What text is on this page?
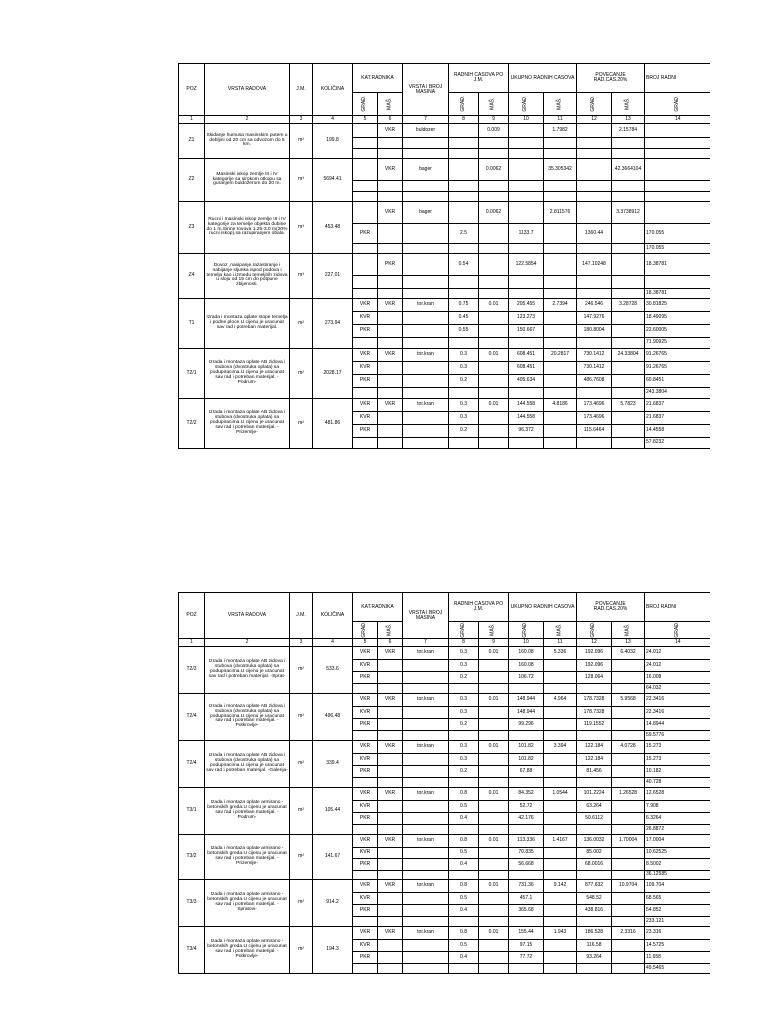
POZ	VRSTA RADOVA	J.M.	KOLIČINA	KAT.RADNIKA		VRSTA I BROJ MASINA	RADNIH CASOVA PO J.M.		UKUPNO RADNIH CASOVA		POVECANJE RAD.CAS.20%		BROJ RADNI
				GRAĐ.	MAŠ.		GRAĐ.	MAŠ.	GRAĐ.	MAŠ.	GRAĐ.	MAŠ.	GRAĐ.
1	2	3	4	5	6	7	8	9	10	11	12	13	14
Z1	Skidanje humusa masinskim putem u debljini od 20 cm sa odvozom do 5 km.	m²	199.8		VKR	buldozer		0.009		1.7982		2.15784	

Z2	Masinski iskop zemlje III i IV kategorije sa sirokom otkopu sa guranjem buldožerom do 20 m.	m³	5694.41		VKR	bager		0.0062		35.305342		42.3664104	

Z3	Rucni i masinski iskop zemlje III i IV kategorije za temelje objekta dubine do 1 m.Sirine rovova 1.25-3.0 m(20% rucni iskop),sa razupiranjem obala.	m³	453.48		VKR	bager		0.0062		2.811576		3.3738912	
				PKR			2.5		1133.7		1360.44		170.055
													170.055
Z4	Dovoz ,nasipanje,razastiranje i nabijanje sljunka ispod podova i temelja kao i izmedu temeljnih zidova u sloju od 15 cm do potpune zbijenosti.	m³	227.01		PKR		0.54		122.5854		147.10248		18.38781

													18.38781
T1	Izrada i montaza oplate stope temelja i podne ploce.U cijenu je uracunat sav rad i potreban materijal.	m²	273.94	VKR	VKR	tor.kran	0.75	0.01	205.455	2.7394	246.546	3.28728	30.81825
				KVR			0.45		123.273		147.9276		18.49095
				PKR			0.55		150.667		180.8004		22.60005
													71.90925
T2/1	Izrada i montaza oplate AB zidova i stubova (dvostruka oplata) sa podupiracima.U cijenu je uracunat sav rad i potreban materijal. -Podrum-	m²	2028.17	VKR	VKR	tor.kran	0.3	0.01	608.451	20.2817	730.1412	24.33804	91.26765
				KVR			0.3		608.451		730.1412		91.26765
				PKR			0.2		405.634		486.7608		60.8451
													243.3804
T2/2	Izrada i montaza oplate AB zidova i stubova (dvostruka oplata) sa podupiracima.U cijenu je uracunat sav rad i potreban materijal. -Prizemlje-	m²	481.86	VKR	VKR	tor.kran	0.3	0.01	144.558	4.8186	173.4696	5.7823	21.6837
				KVR			0.3		144.558		173.4696		21.6837
				PKR			0.2		96.372		115.6464		14.4558
													57.8232
POZ	VRSTA RADOVA	J.M.	KOLIČINA	KAT.RADNIKA		VRSTA I BROJ MASINA	RADNIH CASOVA PO J.M.		UKUPNO RADNIH CASOVA		POVECANJE RAD.CAS.20%		BROJ RADNI
				GRAĐ.	MAŠ.		GRAĐ.	MAŠ.	GRAĐ.	MAŠ.	GRAĐ.	MAŠ.	GRAĐ.
1	2	3	4	5	6	7	8	9	10	11	12	13	14
T2/3	Izrada i montaza oplate AB zidova i stubova (dvostruka oplata) sa podupiracima.U cijenu je uracunat sav rad i potreban materijal. -Sprat-	m²	533.6	VKR	VKR	tor.kran	0.3	0.01	160.08	5.336	192.096	6.4032	24.012
				KVR			0.3		160.08		192.096		24.012
				PKR			0.2		106.72		128.064		16.008
													64.032
T2/4	Izrada i montaza oplate AB zidova i stubova (dvostruka oplata) sa podupiracima.U cijenu je uracunat sav rad i potreban materijal. -Potkrovlje-	m²	496.48	VKR	VKR	tor.kran	0.3	0.01	148.944	4.964	178.7328	5.9568	22.3416
				KVR			0.3		148.944		178.7328		22.3416
				PKR			0.2		99.296		119.1552		14.8944
													59.5776
T2/4	Izrada i montaza oplate AB zidova i stubova (dvostruka oplata) sa podupiracima.U cijenu je uracunat sav rad i potreban materijal. -Galerija-	m²	339.4	VKR	VKR	tor.kran	0.3	0.01	101.82	3.394	122.184	4.0728	15.273
				KVR			0.3		101.82		122.184		15.273
				PKR			0.2		67.88		81.456		10.182
													40.728
T3/1	Izada i montaza oplate armirano -betonskih greda.U cijenu je uracunat sav rad i potreban materijal. -Podrum-	m²	105.44	VKR	VKR	tor.kran	0.8	0.01	84.352	1.0544	101.2224	1.26528	12.6528
				KVR			0.5		52.72		63.264		7.908
				PKR			0.4		42.176		50.6112		6.3264
													26.8872
T3/2	Izada i montaza oplate armirano -betonskih greda.U cijenu je uracunat sav rad i potreban materijal. -Prizemlje-	m²	141.67	VKR	VKR	tor.kran	0.8	0.01	113.336	1.4167	136.0032	1.70004	17.0004
				KVR			0.5		70.835		85.002		10.62525
				PKR			0.4		56.668		68.0016		8.5002
													36.12585
T3/3	Izada i montaza oplate armirano -betonskih greda.U cijenu je uracunat sav rad i potreban materijal. -Spratovi-	m²	914.2	VKR	VKR	tor.kran	0.8	0.01	731.36	9.142	877.632	10.9704	109.704
				KVR			0.5		457.1		548.52		68.565
				PKR			0.4		365.68		438.816		54.852
													233.121
T3/4	Izada i montaza oplate armirano -betonskih greda.U cijenu je uracunat sav rad i potreban materijal. -Potkrovlje-	m²	194.3	VKR	VKR	tor.kran	0.8	0.01	155.44	1.943	186.528	2.3316	23.316
				KVR			0.5		97.15		116.58		14.5725
				PKR			0.4		77.72		93.264		11.658
													49.5465
